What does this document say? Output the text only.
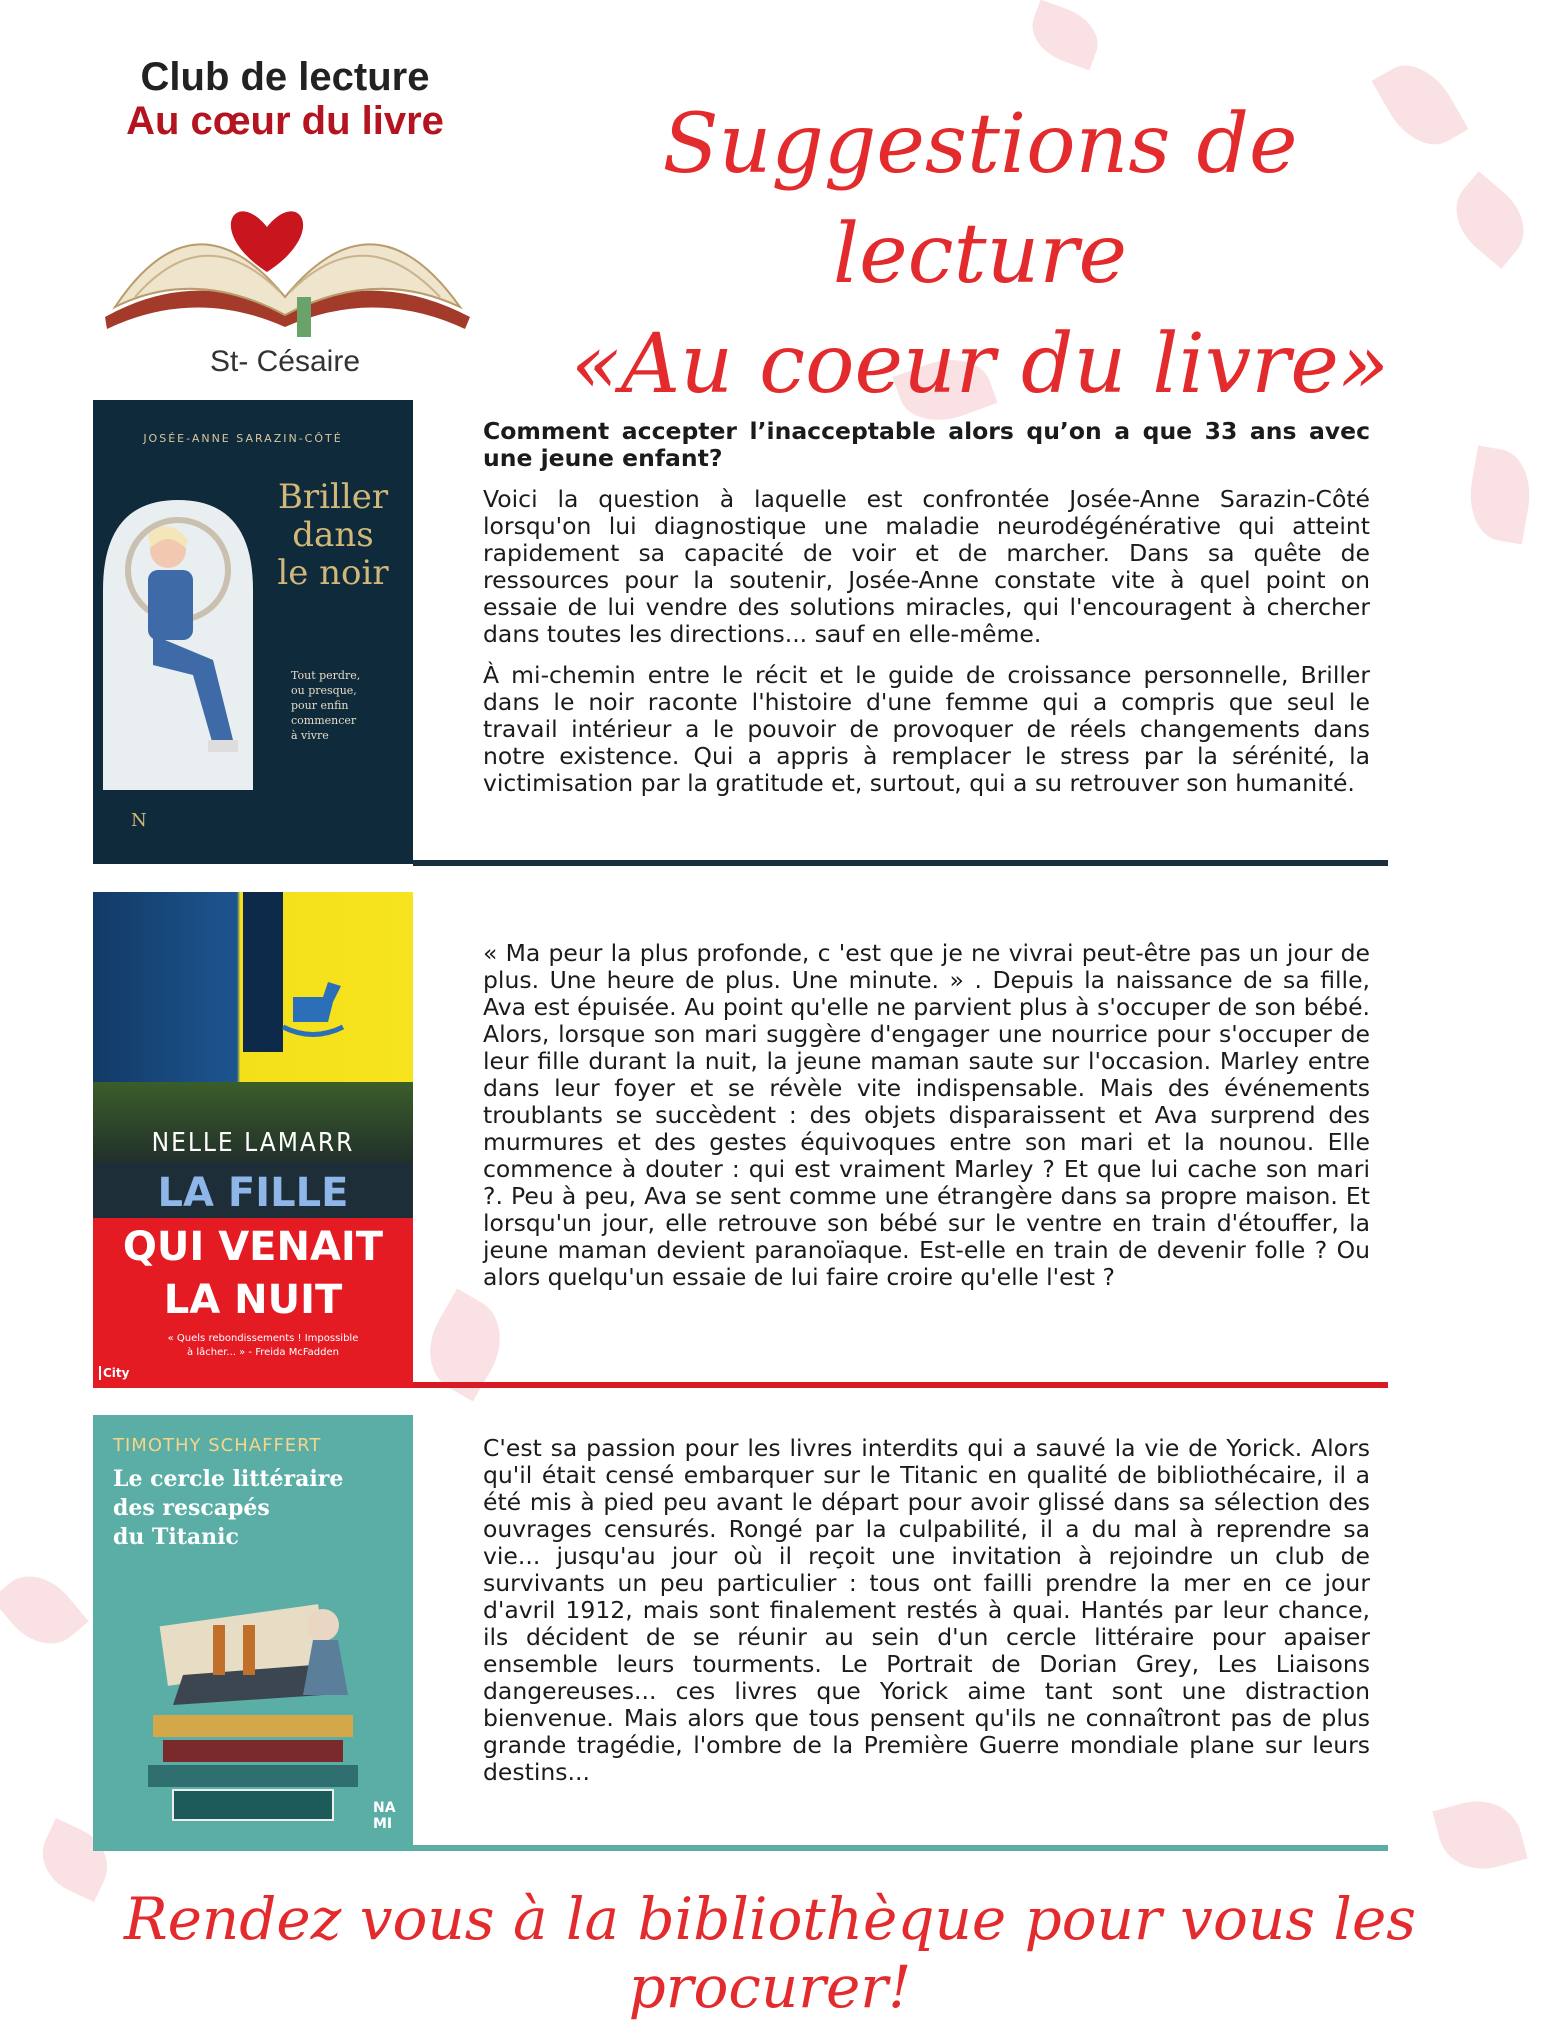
Club de lecture
Au cœur du livre
St- Césaire
Suggestions de lecture
«Au coeur du livre»
JOSÉE-ANNE SARAZIN-CÔTÉ
Briller
dans
le noir
Tout perdre,
ou presque,
pour enfin
commencer
à vivre
N

Comment accepter l’inacceptable alors qu’on a que 33 ans avec une jeune enfant?

Voici la question à laquelle est confrontée Josée-Anne Sarazin-Côté lorsqu'on lui diagnostique une maladie neurodégénérative qui atteint rapidement sa capacité de voir et de marcher. Dans sa quête de ressources pour la soutenir, Josée-Anne constate vite à quel point on essaie de lui vendre des solutions miracles, qui l'encouragent à chercher dans toutes les directions... sauf en elle-même.

À mi-chemin entre le récit et le guide de croissance personnelle, Briller dans le noir raconte l'histoire d'une femme qui a compris que seul le travail intérieur a le pouvoir de provoquer de réels changements dans notre existence. Qui a appris à remplacer le stress par la sérénité, la victimisation par la gratitude et, surtout, qui a su retrouver son humanité.

NELLE LAMARR
LA FILLE
QUI VENAIT
LA NUIT
« Quels rebondissements ! Impossible
à lâcher... » - Freida McFadden
City

« Ma peur la plus profonde, c 'est que je ne vivrai peut-être pas un jour de plus. Une heure de plus. Une minute. » . Depuis la naissance de sa fille, Ava est épuisée. Au point qu'elle ne parvient plus à s'occuper de son bébé. Alors, lorsque son mari suggère d'engager une nourrice pour s'occuper de leur fille durant la nuit, la jeune maman saute sur l'occasion. Marley entre dans leur foyer et se révèle vite indispensable. Mais des événements troublants se succèdent : des objets disparaissent et Ava surprend des murmures et des gestes équivoques entre son mari et la nounou. Elle commence à douter : qui est vraiment Marley ? Et que lui cache son mari ?. Peu à peu, Ava se sent comme une étrangère dans sa propre maison. Et lorsqu'un jour, elle retrouve son bébé sur le ventre en train d'étouffer, la jeune maman devient paranoïaque. Est-elle en train de devenir folle ? Ou alors quelqu'un essaie de lui faire croire qu'elle l'est ?

TIMOTHY SCHAFFERT
Le cercle littéraire
des rescapés
du Titanic
NA
MI

C'est sa passion pour les livres interdits qui a sauvé la vie de Yorick. Alors qu'il était censé embarquer sur le Titanic en qualité de bibliothécaire, il a été mis à pied peu avant le départ pour avoir glissé dans sa sélection des ouvrages censurés. Rongé par la culpabilité, il a du mal à reprendre sa vie... jusqu'au jour où il reçoit une invitation à rejoindre un club de survivants un peu particulier : tous ont failli prendre la mer en ce jour d'avril 1912, mais sont finalement restés à quai. Hantés par leur chance, ils décident de se réunir au sein d'un cercle littéraire pour apaiser ensemble leurs tourments. Le Portrait de Dorian Grey, Les Liaisons dangereuses... ces livres que Yorick aime tant sont une distraction bienvenue. Mais alors que tous pensent qu'ils ne connaîtront pas de plus grande tragédie, l'ombre de la Première Guerre mondiale plane sur leurs destins...

Rendez vous à la bibliothèque pour vous les procurer!
